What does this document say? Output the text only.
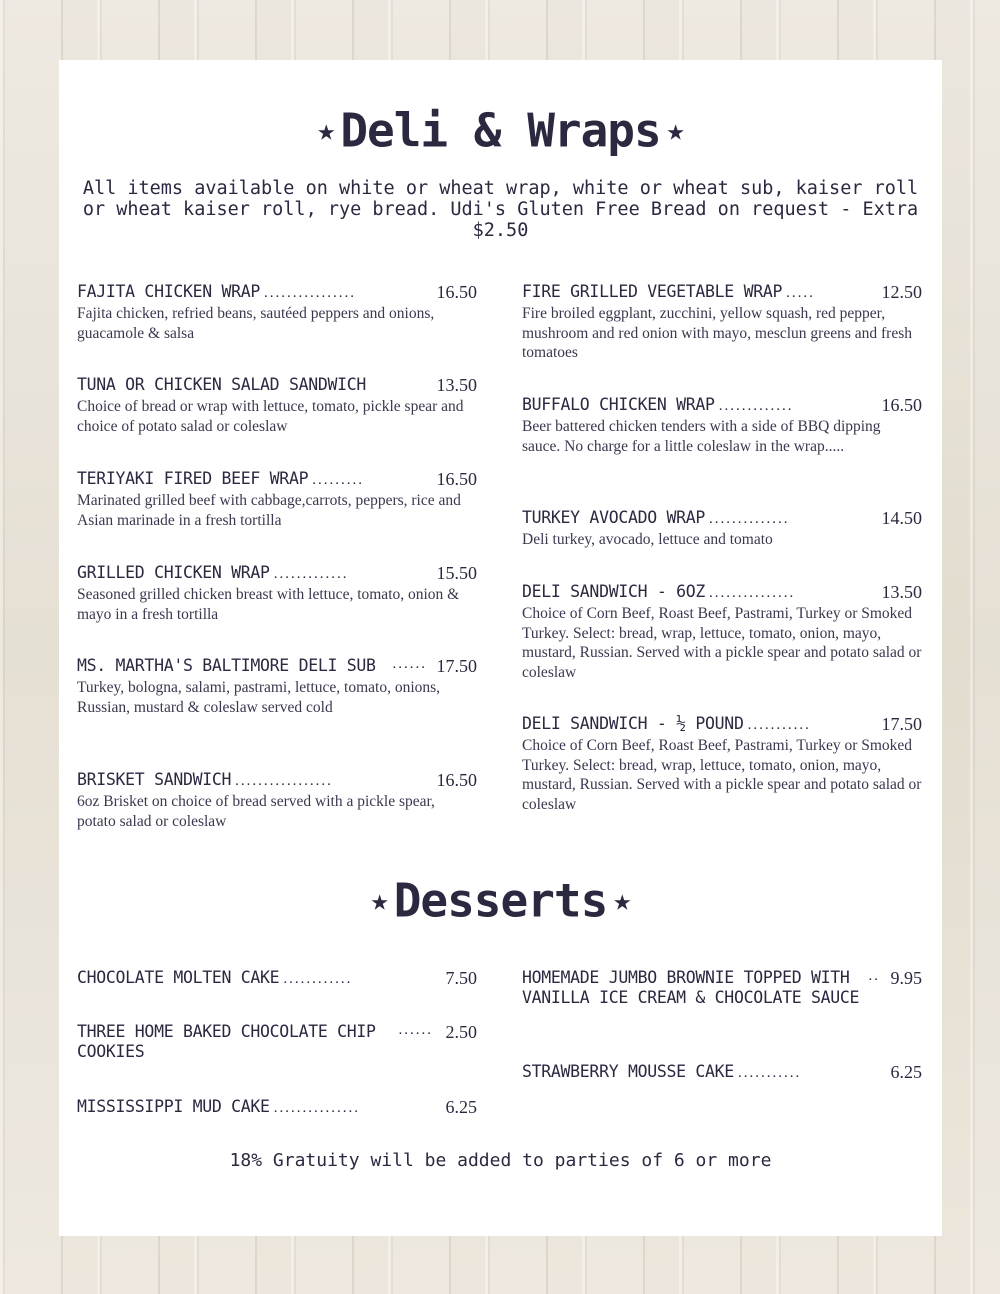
★ Deli & Wraps ★
All items available on white or wheat wrap, white or wheat sub, kaiser roll or wheat kaiser roll, rye bread. Udi's Gluten Free Bread on request - Extra $2.50
FAJITA CHICKEN WRAP ................	16.50
Fajita chicken, refried beans, sautéed peppers and onions, guacamole & salsa
TUNA OR CHICKEN SALAD SANDWICH	13.50
Choice of bread or wrap with lettuce, tomato, pickle spear and choice of potato salad or coleslaw
TERIYAKI FIRED BEEF WRAP .........	16.50
Marinated grilled beef with cabbage,carrots, peppers, rice and Asian marinade in a fresh tortilla
GRILLED CHICKEN WRAP .............	15.50
Seasoned grilled chicken breast with lettuce, tomato, onion & mayo in a fresh tortilla
MS. MARTHA'S BALTIMORE DELI SUB	17.50
......
Turkey, bologna, salami, pastrami, lettuce, tomato, onions, Russian, mustard & coleslaw served cold
BRISKET SANDWICH .................	16.50
6oz Brisket on choice of bread served with a pickle spear, potato salad or coleslaw
FIRE GRILLED VEGETABLE WRAP .....	12.50
Fire broiled eggplant, zucchini, yellow squash, red pepper, mushroom and red onion with mayo, mesclun greens and fresh tomatoes
BUFFALO CHICKEN WRAP .............	16.50
Beer battered chicken tenders with a side of BBQ dipping sauce. No charge for a little coleslaw in the wrap.....
TURKEY AVOCADO WRAP ..............	14.50
Deli turkey, avocado, lettuce and tomato
DELI SANDWICH - 6OZ ...............	13.50
Choice of Corn Beef, Roast Beef, Pastrami, Turkey or Smoked Turkey. Select: bread, wrap, lettuce, tomato, onion, mayo, mustard, Russian. Served with a pickle spear and potato salad or coleslaw
DELI SANDWICH - ½ POUND ...........	17.50
Choice of Corn Beef, Roast Beef, Pastrami, Turkey or Smoked Turkey. Select: bread, wrap, lettuce, tomato, onion, mayo, mustard, Russian. Served with a pickle spear and potato salad or coleslaw
★ Desserts ★
CHOCOLATE MOLTEN CAKE ............	7.50
THREE HOME BAKED CHOCOLATE CHIP COOKIES
...... 2.50
MISSISSIPPI MUD CAKE ...............	6.25
HOMEMADE JUMBO BROWNIE TOPPED WITH VANILLA ICE CREAM & CHOCOLATE SAUCE
.. 9.95
STRAWBERRY MOUSSE CAKE ...........	6.25
18% Gratuity will be added to parties of 6 or more
